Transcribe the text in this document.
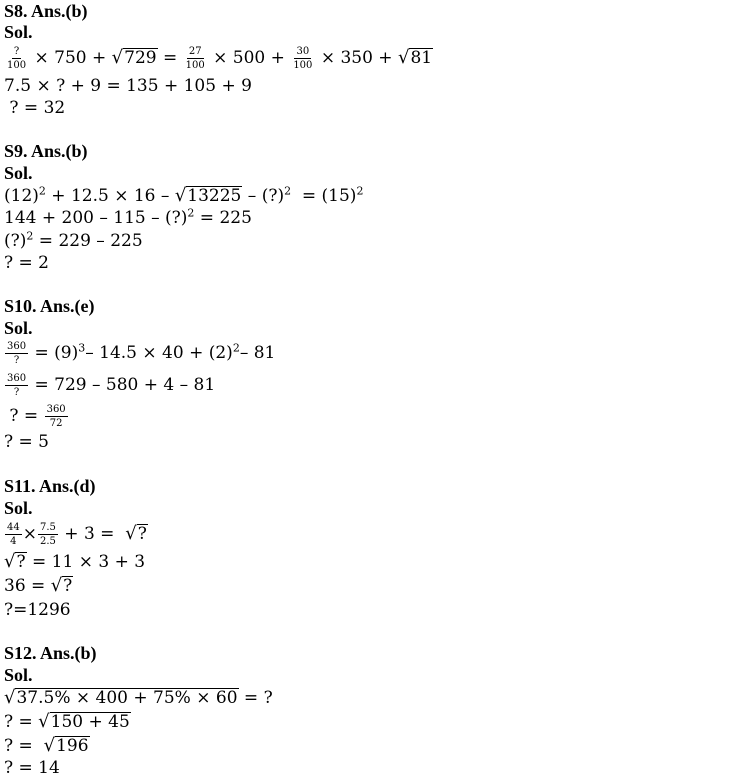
S8. Ans.(b)
Sol.
$\frac{?}{100} \times 750$ + √ $729 = \frac{27}{100} \times 500 + \frac{30}{100} \times 350$ + √ 81
7.5 × ? + 9 = 135 + 105 + 9
? = 32
S9. Ans.(b)
Sol.
$(12)^2 + 12.5 \times 16$ – √ 13225 – (?)$^2$  = $(15)^2$
144 + 200 – 115 – (?)$^2$ = 225
(?)$^2$ = 229 – 225
? = 2
S10. Ans.(e)
Sol.
$\frac{360}{?} = (9)^3-$ $14.5 \times 40 + (2)^2-$ 81
$\frac{360}{?} = 729 - 580 + 4 - 81$
? = $\frac{360}{72}$
? = 5
S11. Ans.(d)
Sol.
$\frac{44}{4} \times \frac{7.5}{2.5} + 3$ = √ ?
√ ? = 11 × 3 + 3
36 = √ ?
?=1296
S12. Ans.(b)
Sol.
√ 37.5% × 400 + 75% × 60 = ?
? = √ 150 + 45
? = √ 196
? = 14
